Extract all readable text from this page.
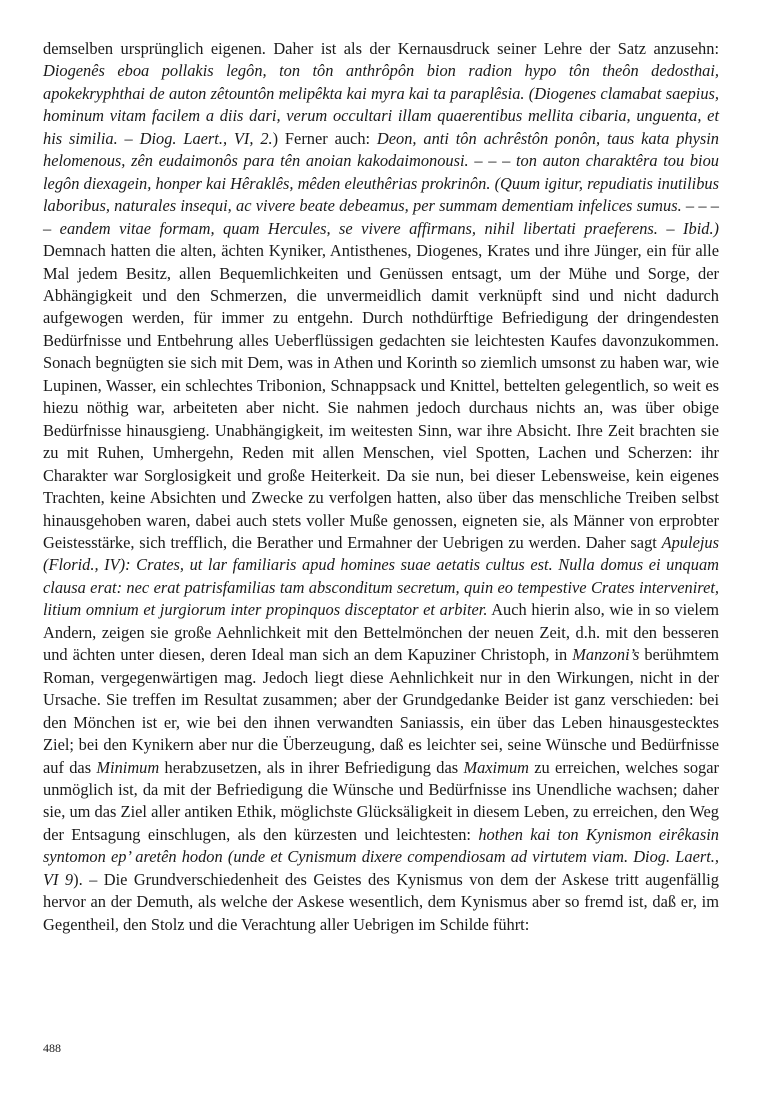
demselben ursprünglich eigenen. Daher ist als der Kernausdruck seiner Lehre der Satz anzusehn: Diogenês eboa pollakis legôn, ton tôn anthrôpôn bion radion hypo tôn theôn dedosthai, apokekryphthai de auton zêtountôn melipêkta kai myra kai ta paraplêsia. (Diogenes clamabat saepius, hominum vitam facilem a diis dari, verum occultari illam quaerentibus mellita cibaria, unguenta, et his similia. – Diog. Laert., VI, 2.) Ferner auch: Deon, anti tôn achrêstôn ponôn, taus kata physin helomenous, zên eudaimonôs para tên anoian kakodaimonousi. – – – ton auton charaktêra tou biou legôn diexagein, honper kai Hêraklês, mêden eleuthêrias prokrinôn. (Quum igitur, repudiatis inutilibus laboribus, naturales insequi, ac vivere beate debeamus, per summam dementiam infelices sumus. – – – – eandem vitae formam, quam Hercules, se vivere affirmans, nihil libertati praeferens. – Ibid.) Demnach hatten die alten, ächten Kyniker, Antisthenes, Diogenes, Krates und ihre Jünger, ein für alle Mal jedem Besitz, allen Bequemlichkeiten und Genüssen entsagt, um der Mühe und Sorge, der Abhängigkeit und den Schmerzen, die unvermeidlich damit verknüpft sind und nicht dadurch aufgewogen werden, für immer zu entgehn. Durch nothdürftige Befriedigung der dringendesten Bedürfnisse und Entbehrung alles Ueberflüssigen gedachten sie leichtesten Kaufes davonzukommen. Sonach begnügten sie sich mit Dem, was in Athen und Korinth so ziemlich umsonst zu haben war, wie Lupinen, Wasser, ein schlechtes Tribonion, Schnappsack und Knittel, bettelten gelegentlich, so weit es hiezu nöthig war, arbeiteten aber nicht. Sie nahmen jedoch durchaus nichts an, was über obige Bedürfnisse hinausgieng. Unabhängigkeit, im weitesten Sinn, war ihre Absicht. Ihre Zeit brachten sie zu mit Ruhen, Umhergehn, Reden mit allen Menschen, viel Spotten, Lachen und Scherzen: ihr Charakter war Sorglosigkeit und große Heiterkeit. Da sie nun, bei dieser Lebensweise, kein eigenes Trachten, keine Absichten und Zwecke zu verfolgen hatten, also über das menschliche Treiben selbst hinausgehoben waren, dabei auch stets voller Muße genossen, eigneten sie, als Männer von erprobter Geistesstärke, sich trefflich, die Berather und Ermahner der Uebrigen zu werden. Daher sagt Apulejus (Florid., IV): Crates, ut lar familiaris apud homines suae aetatis cultus est. Nulla domus ei unquam clausa erat: nec erat patrisfamilias tam absconditum secretum, quin eo tempestive Crates interveniret, litium omnium et jurgiorum inter propinquos disceptator et arbiter. Auch hierin also, wie in so vielem Andern, zeigen sie große Aehnlichkeit mit den Bettelmönchen der neuen Zeit, d.h. mit den besseren und ächten unter diesen, deren Ideal man sich an dem Kapuziner Christoph, in Manzoni’s berühmtem Roman, vergegenwärtigen mag. Jedoch liegt diese Aehnlichkeit nur in den Wirkungen, nicht in der Ursache. Sie treffen im Resultat zusammen; aber der Grundgedanke Beider ist ganz verschieden: bei den Mönchen ist er, wie bei den ihnen verwandten Saniassis, ein über das Leben hinausgestecktes Ziel; bei den Kynikern aber nur die Überzeugung, daß es leichter sei, seine Wünsche und Bedürfnisse auf das Minimum herabzusetzen, als in ihrer Befriedigung das Maximum zu erreichen, welches sogar unmöglich ist, da mit der Befriedigung die Wünsche und Bedürfnisse ins Unendliche wachsen; daher sie, um das Ziel aller antiken Ethik, möglichste Glücksäligkeit in diesem Leben, zu erreichen, den Weg der Entsagung einschlugen, als den kürzesten und leichtesten: hothen kai ton Kynismon eirêkasin syntomon ep’ aretên hodon (unde et Cynismum dixere compendiosam ad virtutem viam. Diog. Laert., VI 9). – Die Grundverschiedenheit des Geistes des Kynismus von dem der Askese tritt augenfällig hervor an der Demuth, als welche der Askese wesentlich, dem Kynismus aber so fremd ist, daß er, im Gegentheil, den Stolz und die Verachtung aller Uebrigen im Schilde führt:
488
